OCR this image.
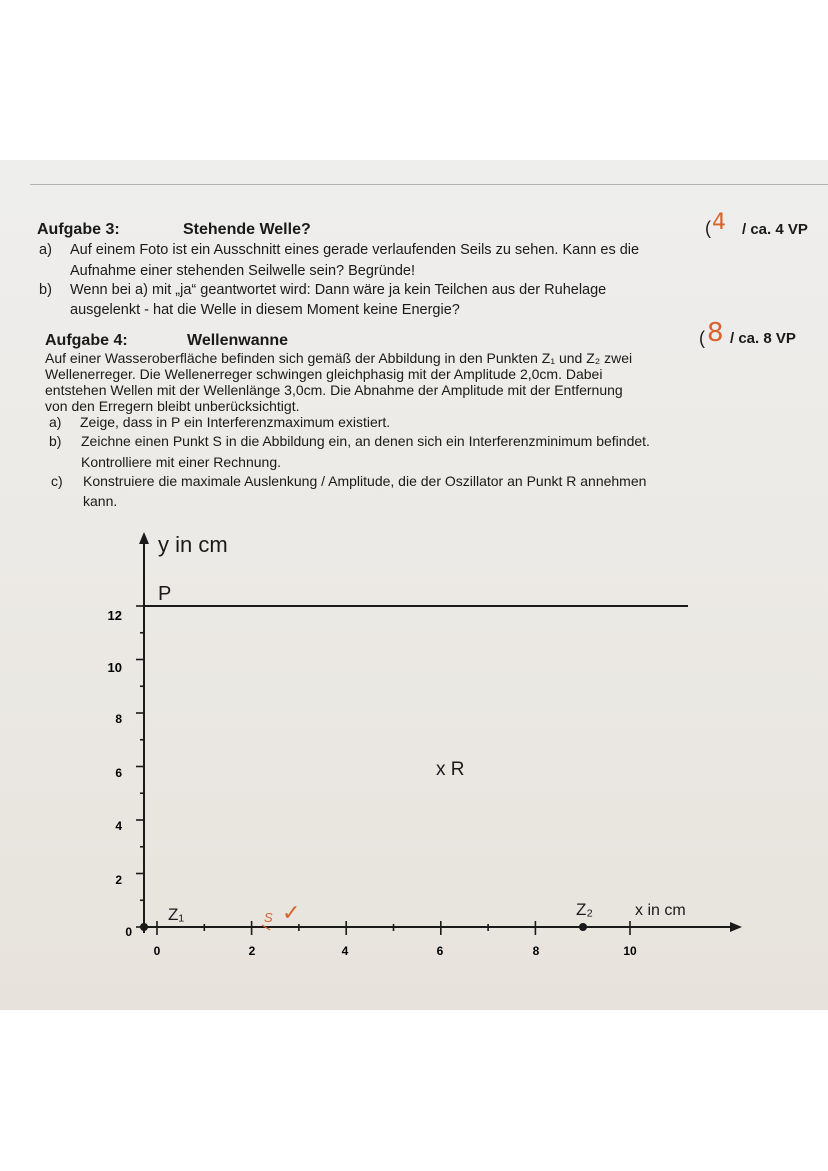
Aufgabe 3:	Stehende Welle?	( 4 / ca. 4 VP
a) Auf einem Foto ist ein Ausschnitt eines gerade verlaufenden Seils zu sehen. Kann es die
Aufnahme einer stehenden Seilwelle sein? Begründe!
b) Wenn bei a) mit „ja“ geantwortet wird: Dann wäre ja kein Teilchen aus der Ruhelage
ausgelenkt - hat die Welle in diesem Moment keine Energie?
Aufgabe 4:	Wellenwanne	( 8 / ca. 8 VP
Auf einer Wasseroberfläche befinden sich gemäß der Abbildung in den Punkten Z₁ und Z₂ zwei
Wellenerreger. Die Wellenerreger schwingen gleichphasig mit der Amplitude 2,0cm. Dabei
entstehen Wellen mit der Wellenlänge 3,0cm. Die Abnahme der Amplitude mit der Entfernung
von den Erregern bleibt unberücksichtigt.
a) Zeige, dass in P ein Interferenzmaximum existiert.
b) Zeichne einen Punkt S in die Abbildung ein, an denen sich ein Interferenzminimum befindet.
Kontrolliere mit einer Rechnung.
c) Konstruiere die maximale Auslenkung / Amplitude, die der Oszillator an Punkt R annehmen
kann.
12
10
8
6
4
2
0
0	2	4	6	8	10
y in cm
x in cm
P
x R
Z₁	Z₂
S ✓
